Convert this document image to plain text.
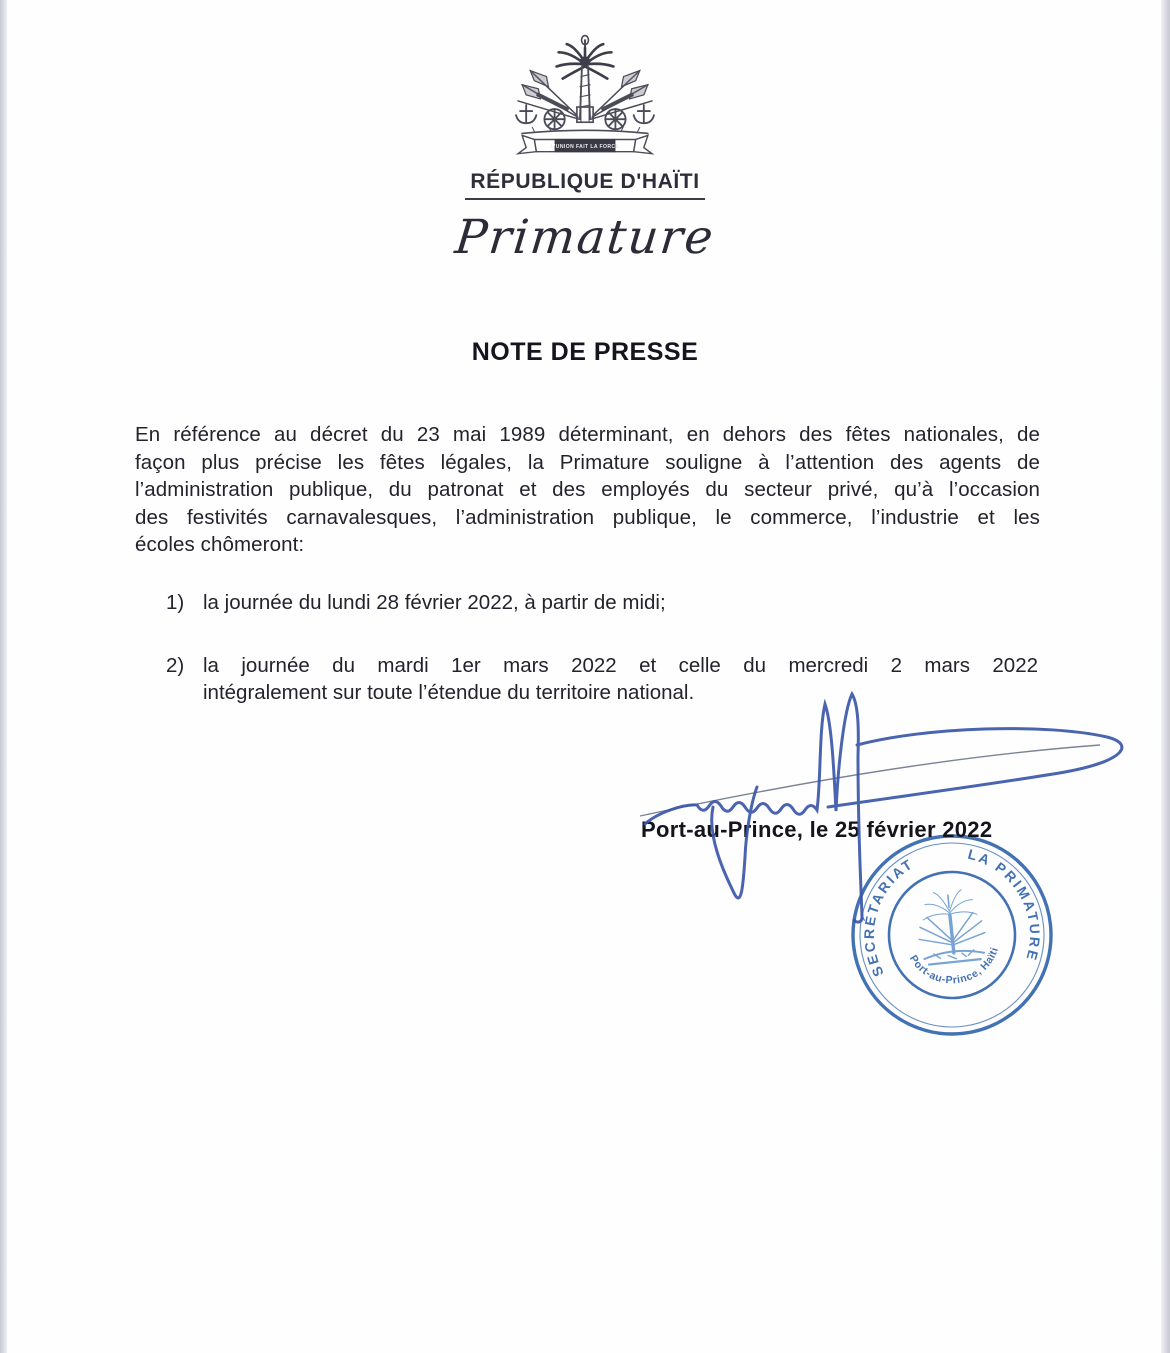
L'UNION FAIT LA FORCE
RÉPUBLIQUE D'HAÏTI
Primature
NOTE DE PRESSE
En référence au décret du 23 mai 1989 déterminant, en dehors des fêtes nationales, de
façon plus précise les fêtes légales, la Primature souligne à l’attention des agents de
l’administration publique, du patronat et des employés du secteur privé, qu’à l’occasion
des festivités carnavalesques, l’administration publique, le commerce, l’industrie et les
écoles chômeront:
1) la journée du lundi 28 février 2022, à partir de midi;
2) la journée du mardi 1er mars 2022 et celle du mercredi 2 mars 2022
intégralement sur toute l’étendue du territoire national.
SECRÉTARIAT
LA PRIMATURE
Port-au-Prince, Haïti
Port-au-Prince, le 25 février 2022
